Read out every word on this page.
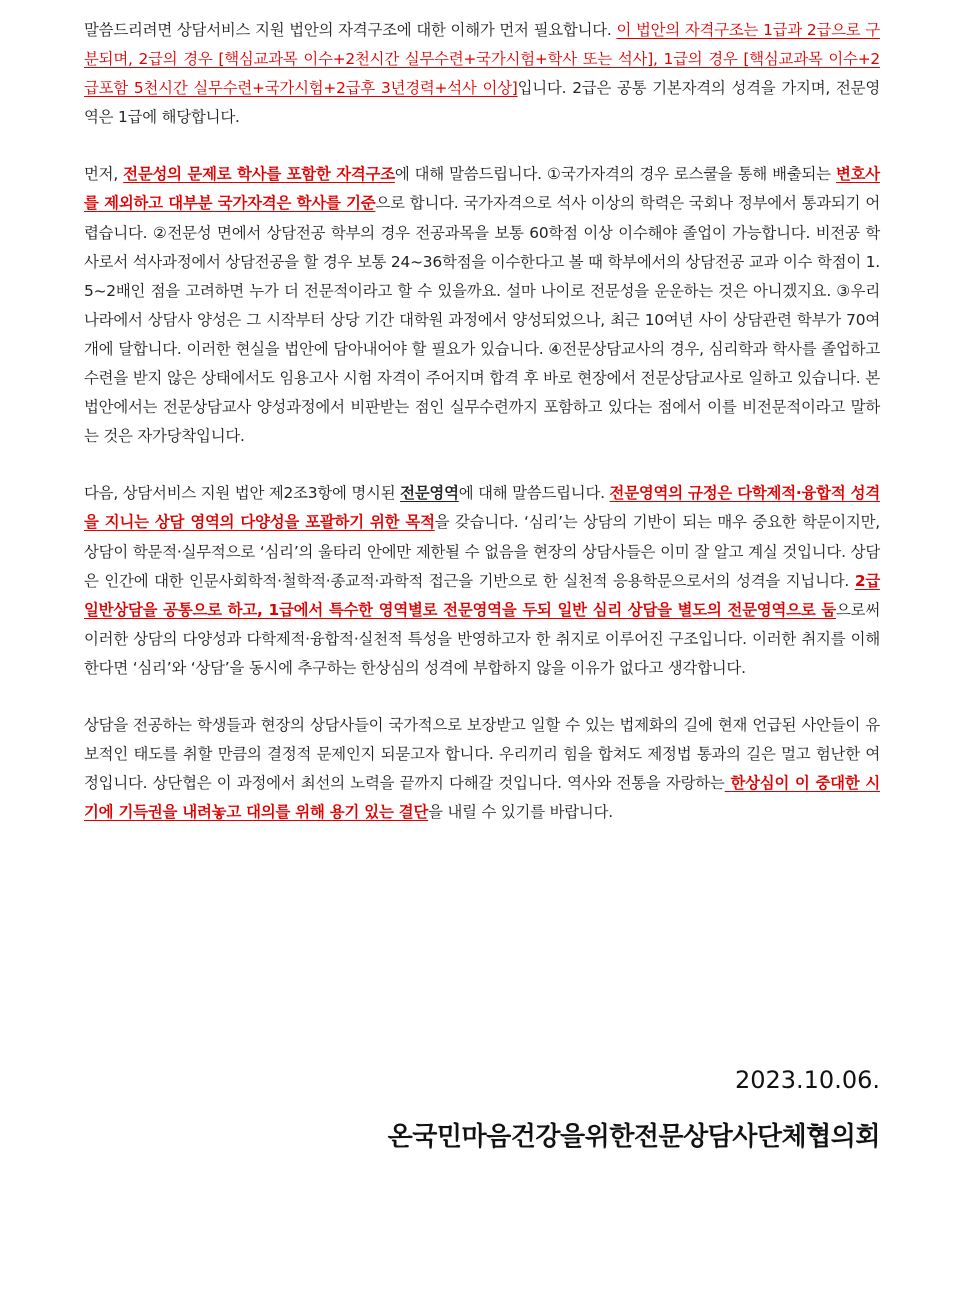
말씀드리려면 상담서비스 지원 법안의 자격구조에 대한 이해가 먼저 필요합니다. 이 법안의 자격구조는 1급과 2급으로 구분되며, 2급의 경우 [핵심교과목 이수+2천시간 실무수련+국가시험+학사 또는 석사], 1급의 경우 [핵심교과목 이수+2급포함 5천시간 실무수련+국가시험+2급후 3년경력+석사 이상]입니다. 2급은 공통 기본자격의 성격을 가지며, 전문영역은 1급에 해당합니다.

먼저, 전문성의 문제로 학사를 포함한 자격구조에 대해 말씀드립니다. ①국가자격의 경우 로스쿨을 통해 배출되는 변호사를 제외하고 대부분 국가자격은 학사를 기준으로 합니다. 국가자격으로 석사 이상의 학력은 국회나 정부에서 통과되기 어렵습니다. ②전문성 면에서 상담전공 학부의 경우 전공과목을 보통 60학점 이상 이수해야 졸업이 가능합니다. 비전공 학사로서 석사과정에서 상담전공을 할 경우 보통 24~36학점을 이수한다고 볼 때 학부에서의 상담전공 교과 이수 학점이 1.5~2배인 점을 고려하면 누가 더 전문적이라고 할 수 있을까요. 설마 나이로 전문성을 운운하는 것은 아니겠지요. ③우리나라에서 상담사 양성은 그 시작부터 상당 기간 대학원 과정에서 양성되었으나, 최근 10여년 사이 상담관련 학부가 70여개에 달합니다. 이러한 현실을 법안에 담아내어야 할 필요가 있습니다. ④전문상담교사의 경우, 심리학과 학사를 졸업하고 수련을 받지 않은 상태에서도 임용고사 시험 자격이 주어지며 합격 후 바로 현장에서 전문상담교사로 일하고 있습니다. 본 법안에서는 전문상담교사 양성과정에서 비판받는 점인 실무수련까지 포함하고 있다는 점에서 이를 비전문적이라고 말하는 것은 자가당착입니다.

다음, 상담서비스 지원 법안 제2조3항에 명시된 전문영역에 대해 말씀드립니다. 전문영역의 규정은 다학제적·융합적 성격을 지니는 상담 영역의 다양성을 포괄하기 위한 목적을 갖습니다. ‘심리’는 상담의 기반이 되는 매우 중요한 학문이지만, 상담이 학문적·실무적으로 ‘심리’의 울타리 안에만 제한될 수 없음을 현장의 상담사들은 이미 잘 알고 계실 것입니다. 상담은 인간에 대한 인문사회학적·철학적·종교적·과학적 접근을 기반으로 한 실천적 응용학문으로서의 성격을 지닙니다. 2급 일반상담을 공통으로 하고, 1급에서 특수한 영역별로 전문영역을 두되 일반 심리 상담을 별도의 전문영역으로 둠으로써 이러한 상담의 다양성과 다학제적·융합적·실천적 특성을 반영하고자 한 취지로 이루어진 구조입니다. 이러한 취지를 이해한다면 ‘심리’와 ‘상담’을 동시에 추구하는 한상심의 성격에 부합하지 않을 이유가 없다고 생각합니다.

상담을 전공하는 학생들과 현장의 상담사들이 국가적으로 보장받고 일할 수 있는 법제화의 길에 현재 언급된 사안들이 유보적인 태도를 취할 만큼의 결정적 문제인지 되묻고자 합니다. 우리끼리 힘을 합쳐도 제정법 통과의 길은 멀고 험난한 여정입니다. 상단협은 이 과정에서 최선의 노력을 끝까지 다해갈 것입니다. 역사와 전통을 자랑하는 한상심이 이 중대한 시기에 기득권을 내려놓고 대의를 위해 용기 있는 결단을 내릴 수 있기를 바랍니다.

2023.10.06.
온국민마음건강을위한전문상담사단체협의회
